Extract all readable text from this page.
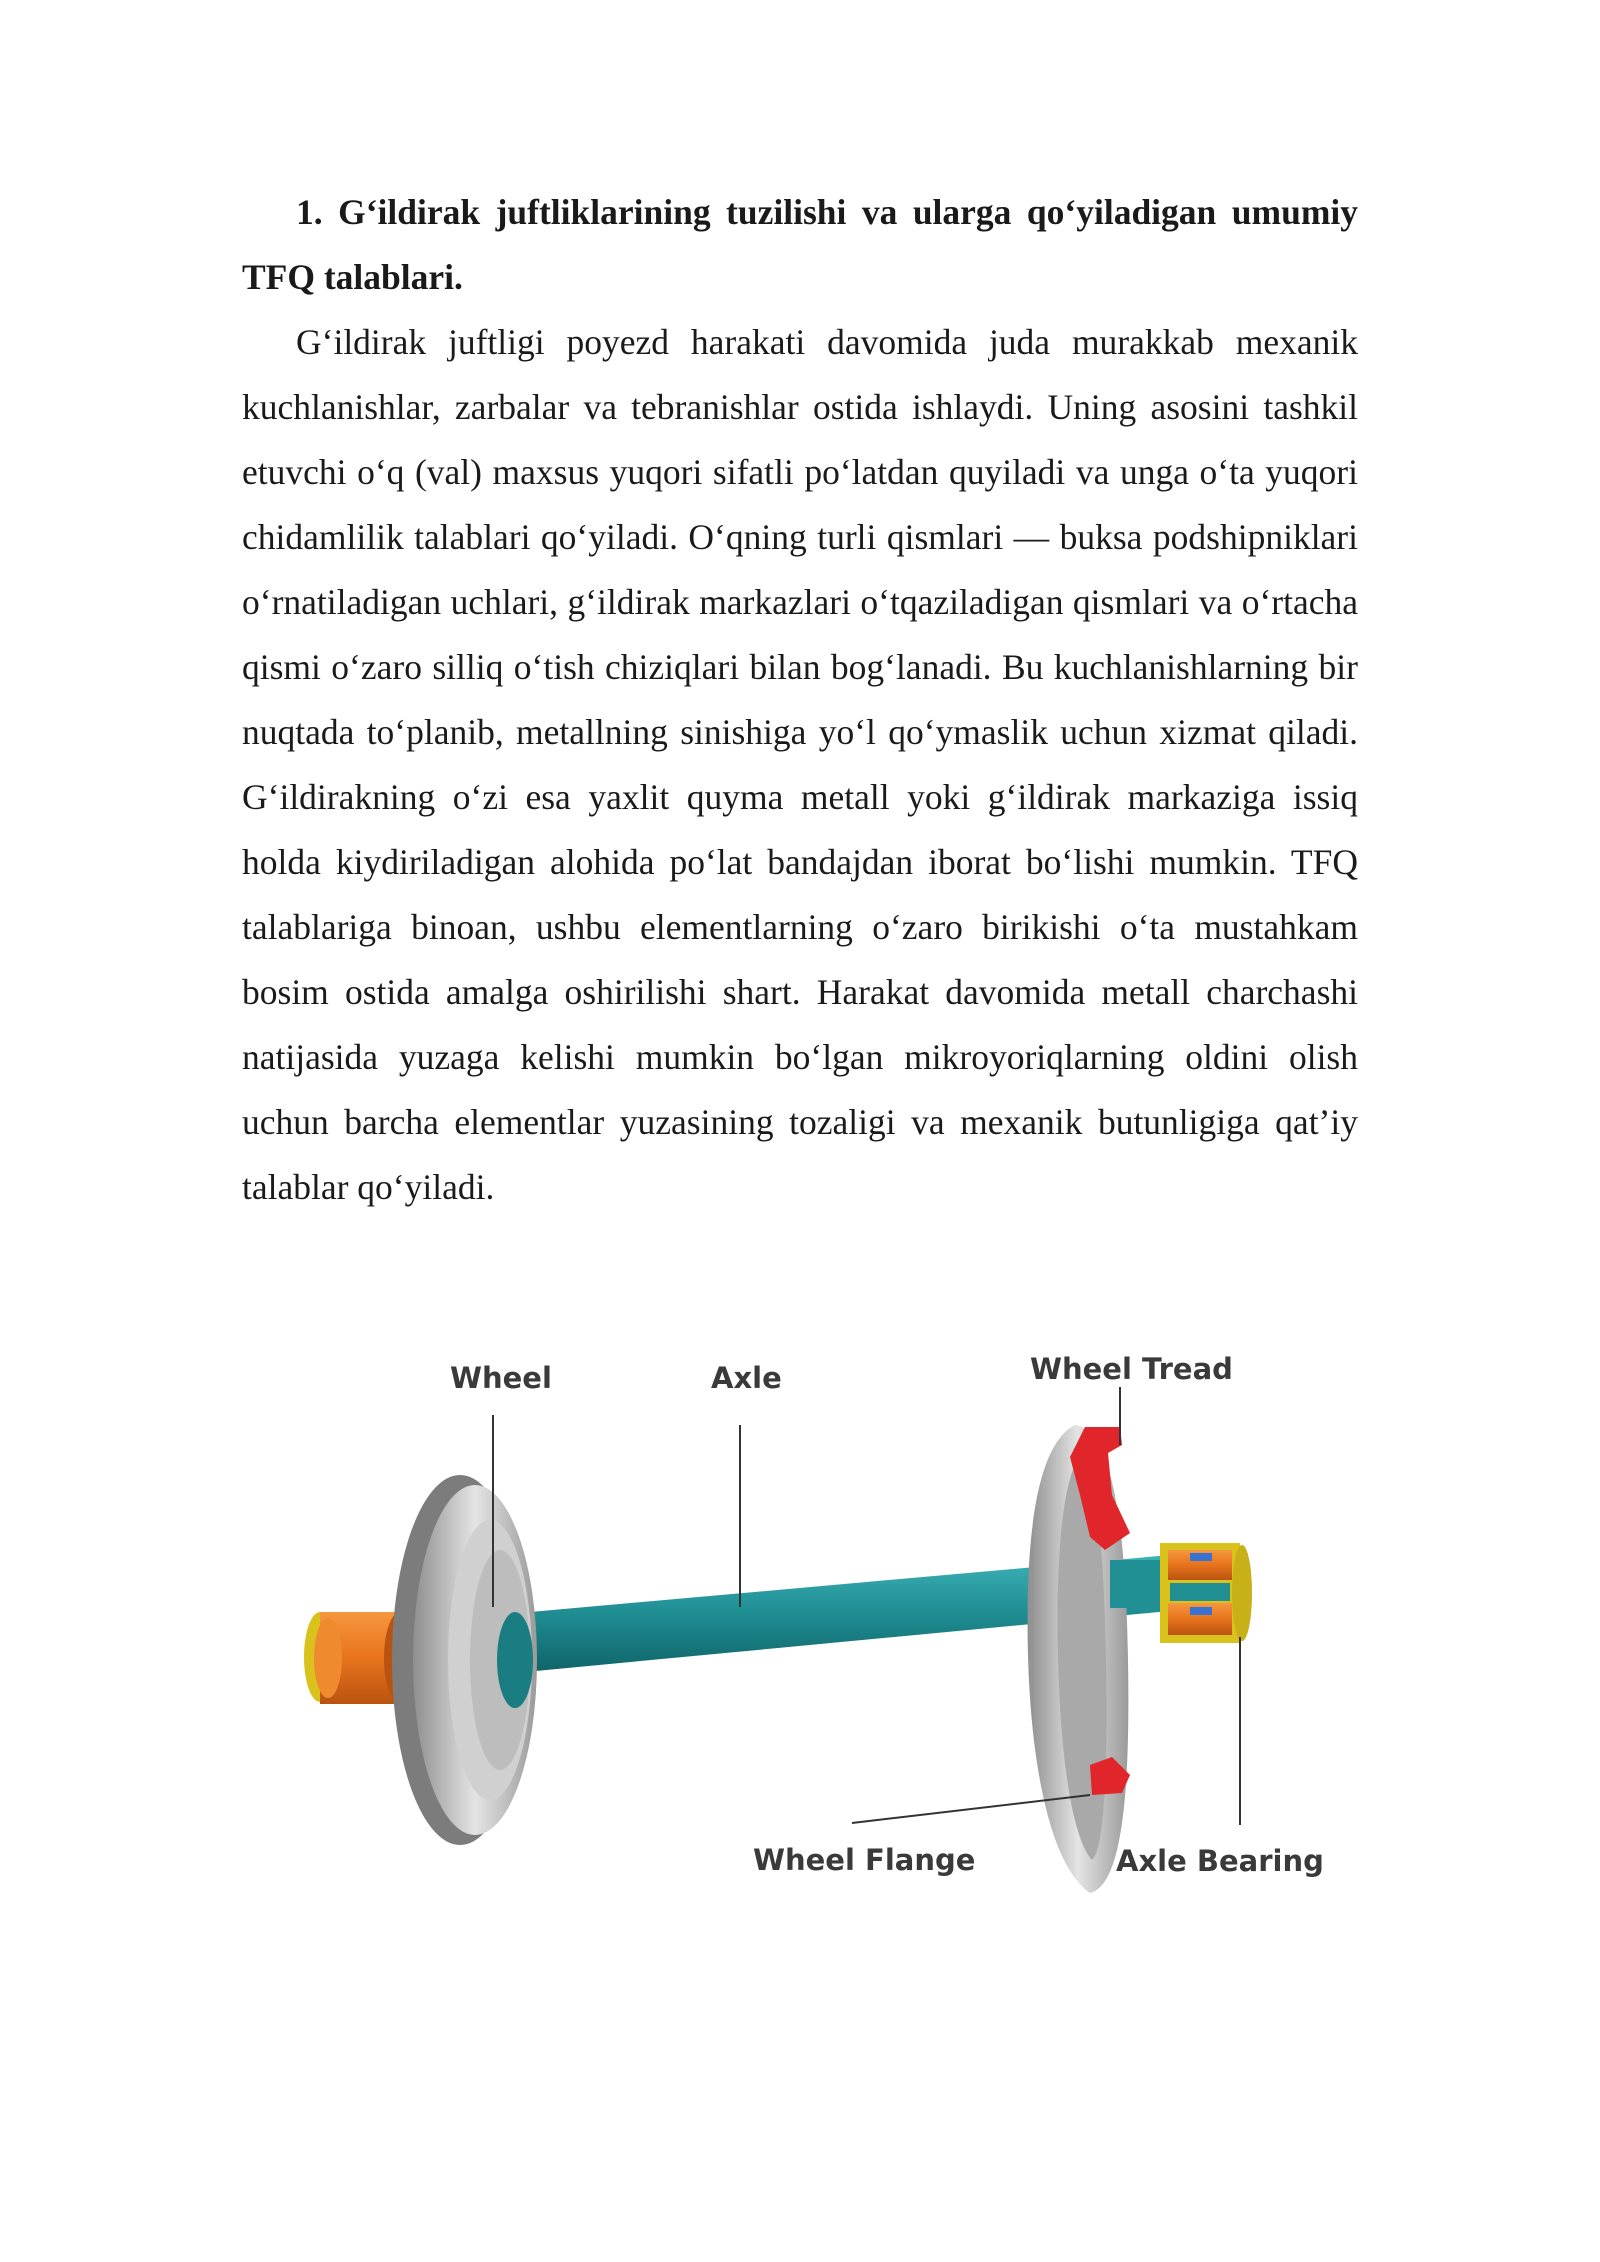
1. G‘ildirak juftliklarining tuzilishi va ularga qo‘yiladigan umumiy TFQ talablari.

G‘ildirak juftligi poyezd harakati davomida juda murakkab mexanik kuchlanishlar, zarbalar va tebranishlar ostida ishlaydi. Uning asosini tashkil etuvchi o‘q (val) maxsus yuqori sifatli po‘latdan quyiladi va unga o‘ta yuqori chidamlilik talablari qo‘yiladi. O‘qning turli qismlari — buksa podshipniklari o‘rnatiladigan uchlari, g‘ildirak markazlari o‘tqaziladigan qismlari va o‘rtacha qismi o‘zaro silliq o‘tish chiziqlari bilan bog‘lanadi. Bu kuchlanishlarning bir nuqtada to‘planib, metallning sinishiga yo‘l qo‘ymaslik uchun xizmat qiladi. G‘ildirakning o‘zi esa yaxlit quyma metall yoki g‘ildirak markaziga issiq holda kiydiriladigan alohida po‘lat bandajdan iborat bo‘lishi mumkin. TFQ talablariga binoan, ushbu elementlarning o‘zaro birikishi o‘ta mustahkam bosim ostida amalga oshirilishi shart. Harakat davomida metall charchashi natijasida yuzaga kelishi mumkin bo‘lgan mikroyoriqlarning oldini olish uchun barcha elementlar yuzasining tozaligi va mexanik butunligiga qat’iy talablar qo‘yiladi.

Wheel	Axle	Wheel Tread
Wheel Flange	Axle Bearing
